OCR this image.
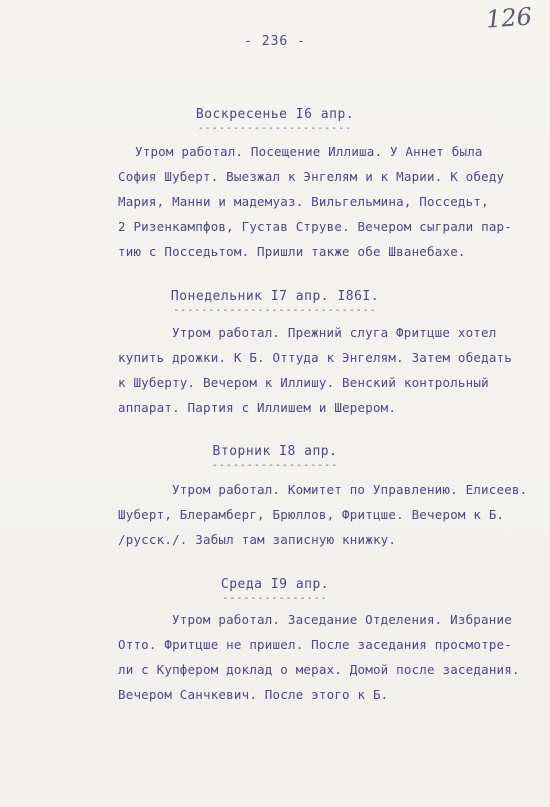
126
- 236 -
Воскресенье I6 апр.
----------------------
Утром работал. Посещение Иллиша. У Аннет была
София Шуберт. Выезжал к Энгелям и к Марии. К обеду
Мария, Манни и мадемуаз. Вильгельмина, Посседьт,
2 Ризенкампфов, Густав Струве. Вечером сыграли пар-
тию с Посседьтом. Пришли также обе Шванебахе.
Понедельник I7 апр. I86I.
-----------------------------
Утром работал. Прежний слуга Фритцше хотел
купить дрожки. К Б. Оттуда к Энгелям. Затем обедать
к Шуберту. Вечером к Иллишу. Венский контрольный
аппарат. Партия с Иллишем и Шерером.
Вторник I8 апр.
------------------
Утром работал. Комитет по Управлению. Елисеев.
Шуберт, Блерамберг, Брюллов, Фритцше. Вечером к Б.
/русск./. Забыл там записную книжку.
Среда I9 апр.
---------------
Утром работал. Заседание Отделения. Избрание
Отто. Фритцше не пришел. После заседания просмотре-
ли с Купфером доклад о мерах. Домой после заседания.
Вечером Санчкевич. После этого к Б.
